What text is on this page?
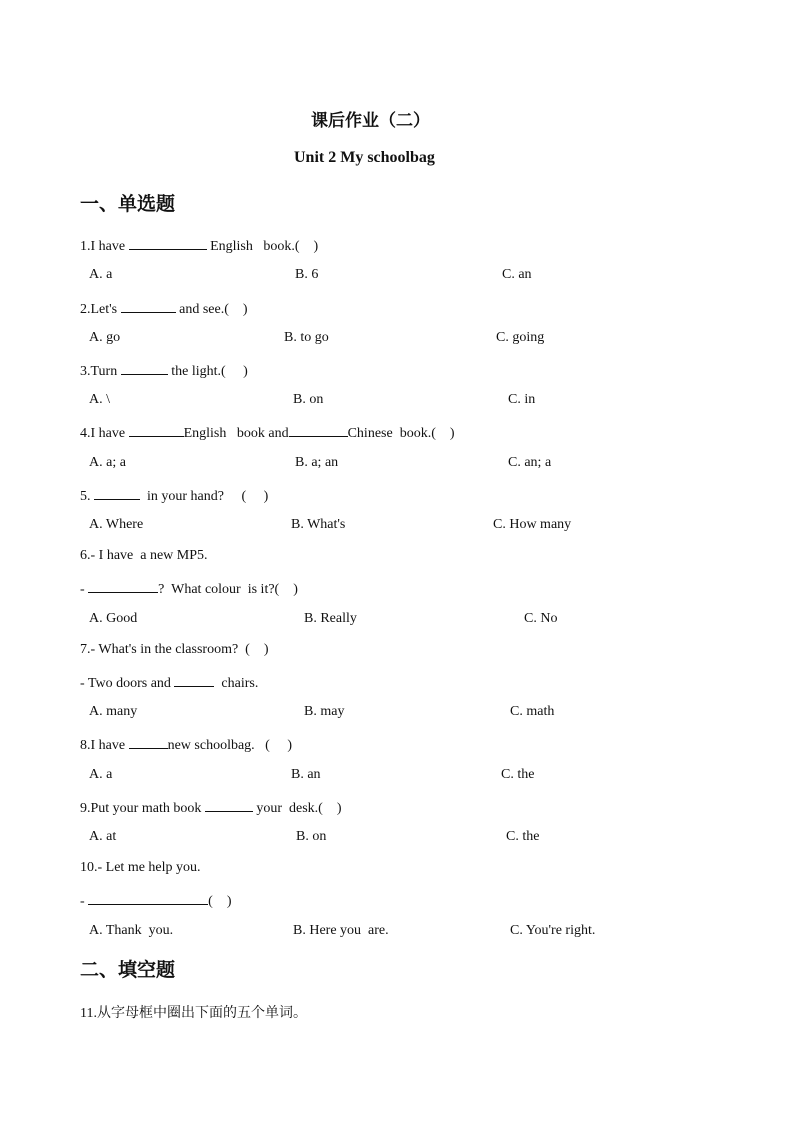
课后作业（二）
Unit 2 My schoolbag
一、单选题
1.I have	English   book.(    )
A. a	B. 6	C. an
2.Let's	and see.(    )
A. go	B. to go	C. going
3.Turn	the light.(     )
A. \	B. on	C. in
4.I have	English   book and	Chinese  book.(    )
A. a; a	B. a; an	C. an; a
5.	in your hand?     (     )
A. Where	B. What's	C. How many
6.- I have  a new MP5.
-	?  What colour  is it?(    )
A. Good	B. Really	C. No
7.- What's in the classroom?  (    )
- Two doors and	chairs.
A. many	B. may	C. math
8.I have	new schoolbag.   (     )
A. a	B. an	C. the
9.Put your math book	your  desk.(    )
A. at	B. on	C. the
10.- Let me help you.
-	(    )
A. Thank  you.	B. Here you  are.	C. You're right.
二、填空题
11.从字母框中圈出下面的五个单词。
